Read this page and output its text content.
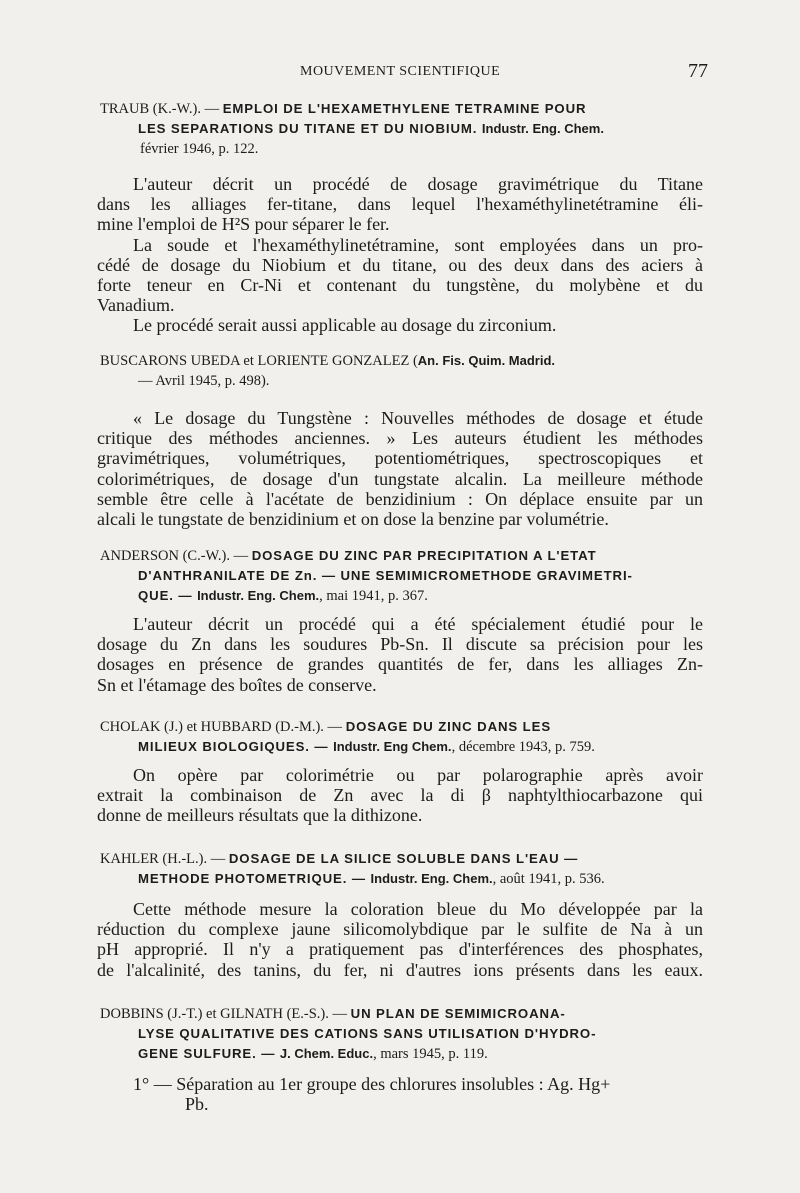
MOUVEMENT SCIENTIFIQUE	77
TRAUB (K.-W.). — EMPLOI DE L'HEXAMETHYLENE TETRAMINE POUR
LES SEPARATIONS DU TITANE ET DU NIOBIUM. Industr. Eng. Chem.
février 1946, p. 122.
L'auteur décrit un procédé de dosage gravimétrique du Titane
dans les alliages fer-titane, dans lequel l'hexaméthylinetétramine éli-
mine l'emploi de H²S pour séparer le fer.
La soude et l'hexaméthylinetétramine, sont employées dans un pro-
cédé de dosage du Niobium et du titane, ou des deux dans des aciers à
forte teneur en Cr-Ni et contenant du tungstène, du molybène et du
Vanadium.
Le procédé serait aussi applicable au dosage du zirconium.
BUSCARONS UBEDA et LORIENTE GONZALEZ (An. Fis. Quim. Madrid.
— Avril 1945, p. 498).
« Le dosage du Tungstène : Nouvelles méthodes de dosage et étude
critique des méthodes anciennes. » Les auteurs étudient les méthodes
gravimétriques, volumétriques, potentiométriques, spectroscopiques et
colorimétriques, de dosage d'un tungstate alcalin. La meilleure méthode
semble être celle à l'acétate de benzidinium : On déplace ensuite par un
alcali le tungstate de benzidinium et on dose la benzine par volumétrie.
ANDERSON (C.-W.). — DOSAGE DU ZINC PAR PRECIPITATION A L'ETAT
D'ANTHRANILATE DE Zn. — UNE SEMIMICROMETHODE GRAVIMETRI-
QUE. — Industr. Eng. Chem., mai 1941, p. 367.
L'auteur décrit un procédé qui a été spécialement étudié pour le
dosage du Zn dans les soudures Pb-Sn. Il discute sa précision pour les
dosages en présence de grandes quantités de fer, dans les alliages Zn-
Sn et l'étamage des boîtes de conserve.
CHOLAK (J.) et HUBBARD (D.-M.). — DOSAGE DU ZINC DANS LES
MILIEUX BIOLOGIQUES. — Industr. Eng Chem., décembre 1943, p. 759.
On opère par colorimétrie ou par polarographie après avoir
extrait la combinaison de Zn avec la di β naphtylthiocarbazone qui
donne de meilleurs résultats que la dithizone.
KAHLER (H.-L.). — DOSAGE DE LA SILICE SOLUBLE DANS L'EAU —
METHODE PHOTOMETRIQUE. — Industr. Eng. Chem., août 1941, p. 536.
Cette méthode mesure la coloration bleue du Mo développée par la
réduction du complexe jaune silicomolybdique par le sulfite de Na à un
pH approprié. Il n'y a pratiquement pas d'interférences des phosphates,
de l'alcalinité, des tanins, du fer, ni d'autres ions présents dans les eaux.
DOBBINS (J.-T.) et GILNATH (E.-S.). — UN PLAN DE SEMIMICROANA-
LYSE QUALITATIVE DES CATIONS SANS UTILISATION D'HYDRO-
GENE SULFURE. — J. Chem. Educ., mars 1945, p. 119.
1° — Séparation au 1er groupe des chlorures insolubles : Ag. Hg+
Pb.
